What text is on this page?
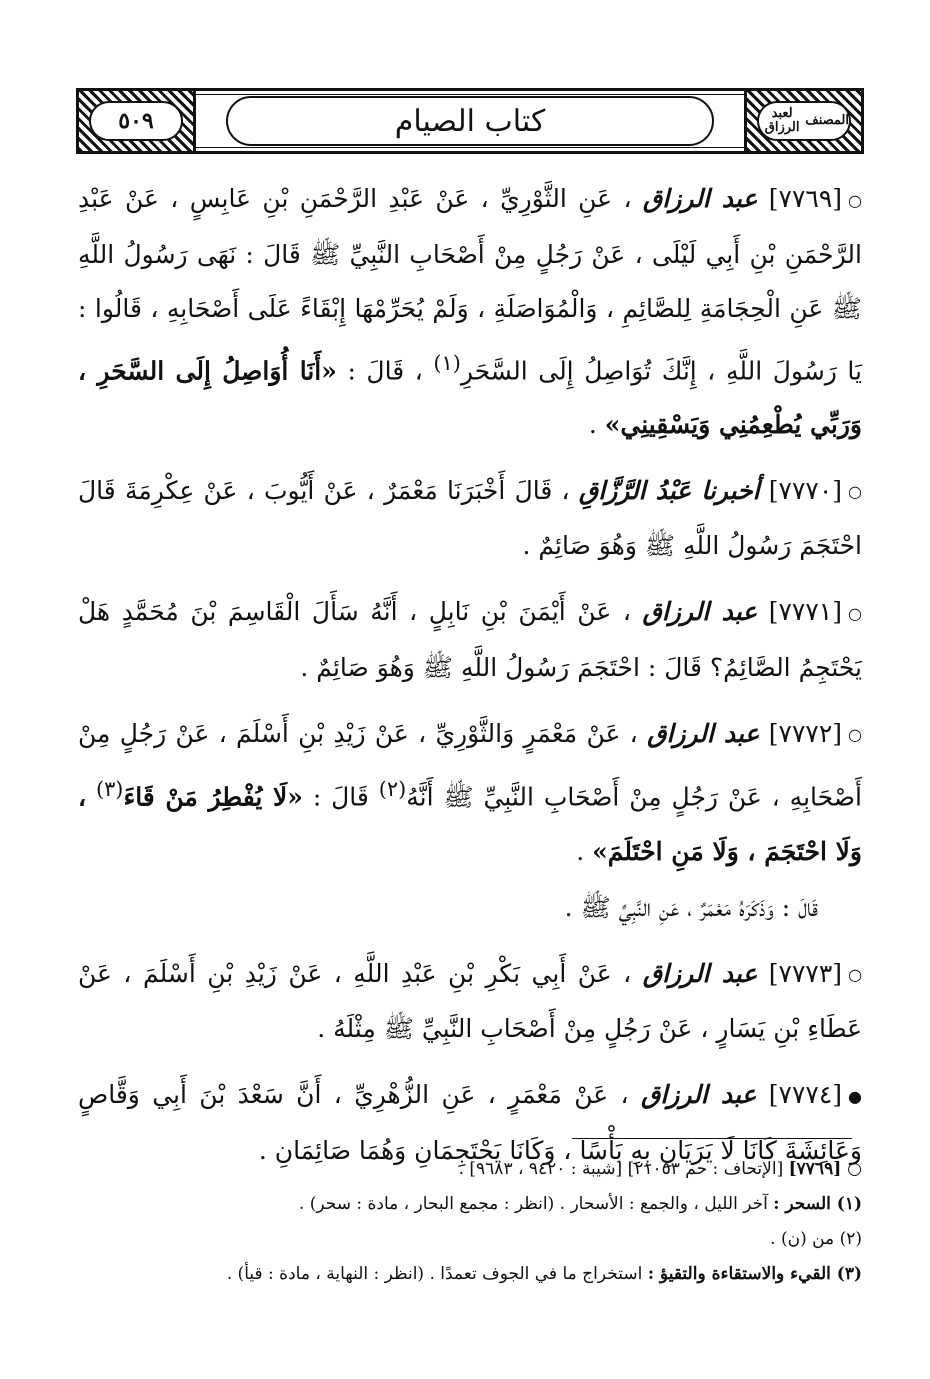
٥٠٩	كتاب الصيام	المصنف

لعبد الرزاق

○[٧٧٦٩] عبد الرزاق ، عَنِ الثَّوْرِيِّ ، عَنْ عَبْدِ الرَّحْمَنِ بْنِ عَابِسٍ ، عَنْ عَبْدِ الرَّحْمَنِ بْنِ أَبِي لَيْلَى ، عَنْ رَجُلٍ مِنْ أَصْحَابِ النَّبِيِّ ﷺ قَالَ : نَهَى رَسُولُ اللَّهِ ﷺ عَنِ الْحِجَامَةِ لِلصَّائِمِ ، وَالْمُوَاصَلَةِ ، وَلَمْ يُحَرِّمْهَا إِبْقَاءً عَلَى أَصْحَابِهِ ، قَالُوا : يَا رَسُولَ اللَّهِ ، إِنَّكَ تُوَاصِلُ إِلَى السَّحَرِ$^{(١)}$ ، قَالَ : «أَنَا أُوَاصِلُ إِلَى السَّحَرِ ، وَرَبِّي يُطْعِمُنِي وَيَسْقِينِي» .

○[٧٧٧٠] أخبرنا عَبْدُ الرَّزَّاقِ ، قَالَ أَخْبَرَنَا مَعْمَرٌ ، عَنْ أَيُّوبَ ، عَنْ عِكْرِمَةَ قَالَ احْتَجَمَ رَسُولُ اللَّهِ ﷺ وَهُوَ صَائِمٌ .

○[٧٧٧١] عبد الرزاق ، عَنْ أَيْمَنَ بْنِ نَابِلٍ ، أَنَّهُ سَأَلَ الْقَاسِمَ بْنَ مُحَمَّدٍ هَلْ يَحْتَجِمُ الصَّائِمُ؟ قَالَ : احْتَجَمَ رَسُولُ اللَّهِ ﷺ وَهُوَ صَائِمٌ .

○[٧٧٧٢] عبد الرزاق ، عَنْ مَعْمَرٍ وَالثَّوْرِيِّ ، عَنْ زَيْدِ بْنِ أَسْلَمَ ، عَنْ رَجُلٍ مِنْ أَصْحَابِهِ ، عَنْ رَجُلٍ مِنْ أَصْحَابِ النَّبِيِّ ﷺ أَنَّهُ$^{(٢)}$ قَالَ : «لَا يُفْطِرُ مَنْ قَاءَ$^{(٣)}$ ، وَلَا احْتَجَمَ ، وَلَا مَنِ احْتَلَمَ» .

قَالَ : وَذَكَرَهُ مَعْمَرٌ ، عَنِ النَّبِيِّ ﷺ .

○[٧٧٧٣] عبد الرزاق ، عَنْ أَبِي بَكْرِ بْنِ عَبْدِ اللَّهِ ، عَنْ زَيْدِ بْنِ أَسْلَمَ ، عَنْ عَطَاءِ بْنِ يَسَارٍ ، عَنْ رَجُلٍ مِنْ أَصْحَابِ النَّبِيِّ ﷺ مِثْلَهُ .

●[٧٧٧٤] عبد الرزاق ، عَنْ مَعْمَرٍ ، عَنِ الزُّهْرِيِّ ، أَنَّ سَعْدَ بْنَ أَبِي وَقَّاصٍ وَعَائِشَةَ كَانَا لَا يَرَيَانِ بِهِ بَأْسًا ، وَكَانَا يَحْتَجِمَانِ وَهُمَا صَائِمَانِ .

○ [٧٧٦٩] [الإتحاف : حم ٢١٠٥٣] [شيبة : ٩٤٢٠ ، ٩٦٨٣] .

(١) السحر : آخر الليل ، والجمع : الأسحار . (انظر : مجمع البحار ، مادة : سحر) .

(٢) من (ن) .

(٣) القيء والاستقاءة والتقيؤ : استخراج ما في الجوف تعمدًا . (انظر : النهاية ، مادة : قيأ) .
